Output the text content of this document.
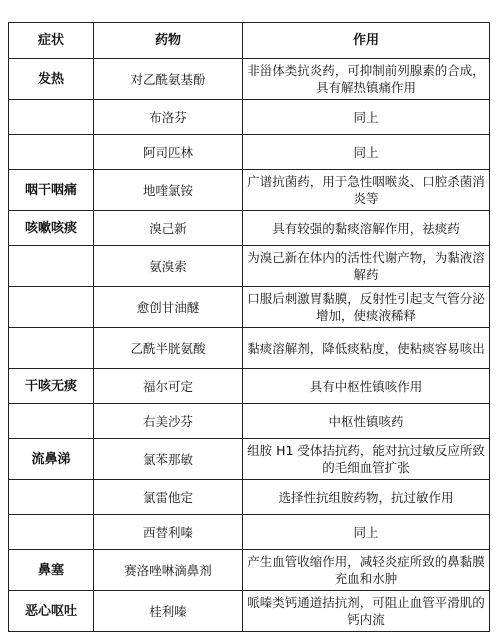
症状	药物	作用
发热	对乙酰氨基酚	非甾体类抗炎药，可抑制前列腺素的合成，具有解热镇痛作用
	布洛芬	同上
	阿司匹林	同上
咽干咽痛	地喹氯铵	广谱抗菌药，用于急性咽喉炎、口腔杀菌消炎等
咳嗽咳痰	溴己新	具有较强的黏痰溶解作用，祛痰药
	氨溴索	为溴己新在体内的活性代谢产物，为黏液溶解药
	愈创甘油醚	口服后刺激胃黏膜，反射性引起支气管分泌增加，使痰液稀释
	乙酰半胱氨酸	黏痰溶解剂，降低痰粘度，使粘痰容易咳出
干咳无痰	福尔可定	具有中枢性镇咳作用
	右美沙芬	中枢性镇咳药
流鼻涕	氯苯那敏	组胺 H1 受体拮抗药，能对抗过敏反应所致的毛细血管扩张
	氯雷他定	选择性抗组胺药物，抗过敏作用
	西替利嗪	同上
鼻塞	赛洛唑啉滴鼻剂	产生血管收缩作用，减轻炎症所致的鼻黏膜充血和水肿
恶心呕吐	桂利嗪	哌嗪类钙通道拮抗剂，可阻止血管平滑肌的钙内流
